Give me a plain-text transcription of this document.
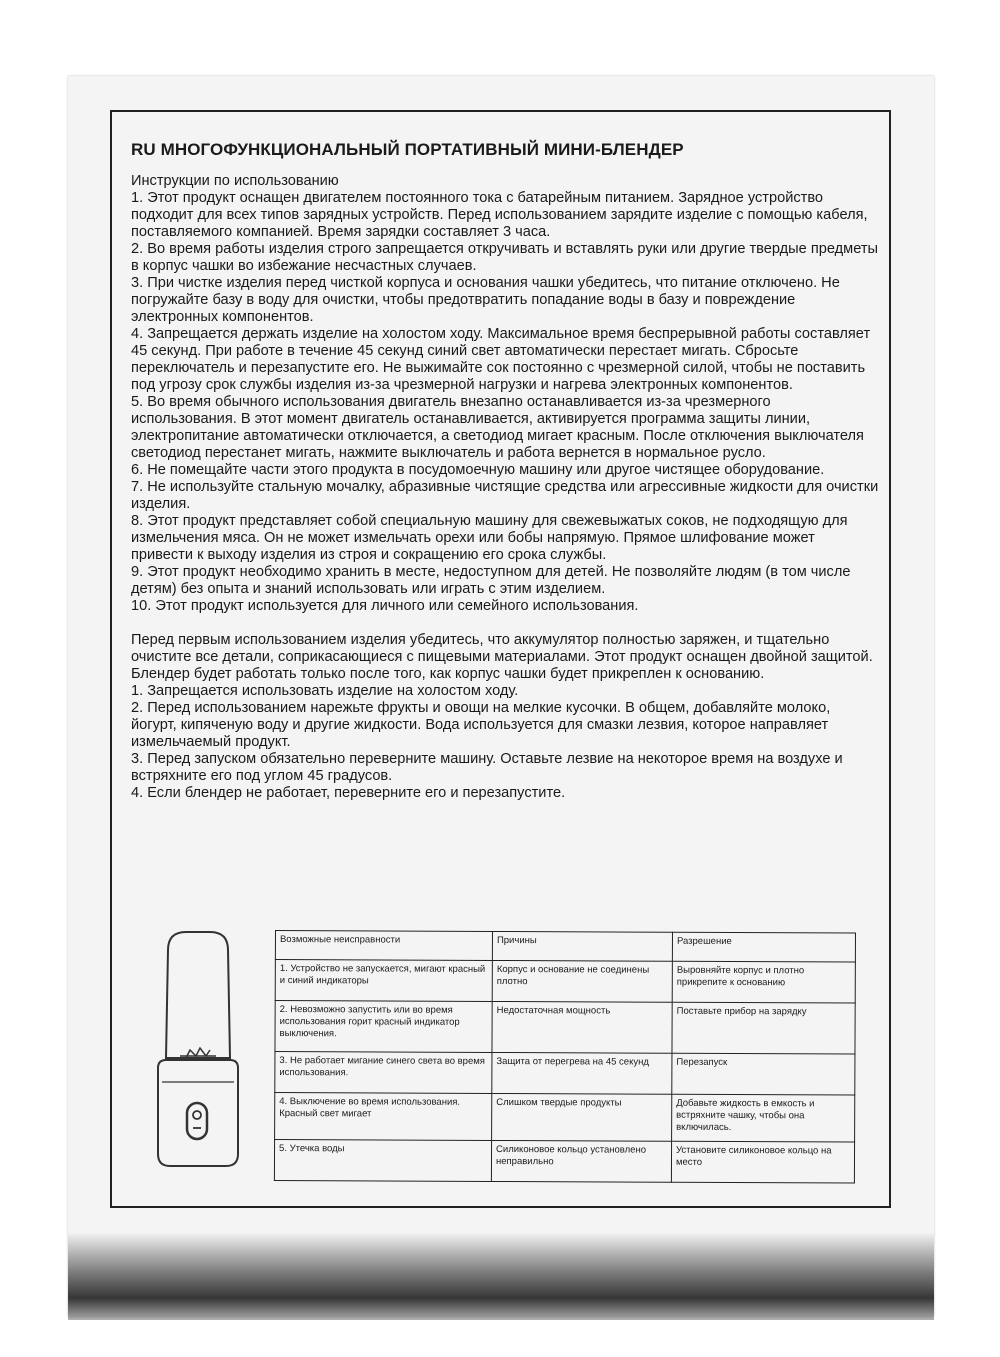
RU МНОГОФУНКЦИОНАЛЬНЫЙ ПОРТАТИВНЫЙ МИНИ-БЛЕНДЕР

Инструкции по использованию

1. Этот продукт оснащен двигателем постоянного тока с батарейным питанием. Зарядное устройство подходит для всех типов зарядных устройств. Перед использованием зарядите изделие с помощью кабеля, поставляемого компанией. Время зарядки составляет 3 часа.

2. Во время работы изделия строго запрещается откручивать и вставлять руки или другие твердые предметы в корпус чашки во избежание несчастных случаев.

3. При чистке изделия перед чисткой корпуса и основания чашки убедитесь, что питание отключено. Не погружайте базу в воду для очистки, чтобы предотвратить попадание воды в базу и повреждение электронных компонентов.

4. Запрещается держать изделие на холостом ходу. Максимальное время беспрерывной работы составляет 45 секунд. При работе в течение 45 секунд синий свет автоматически перестает мигать. Сбросьте переключатель и перезапустите его. Не выжимайте сок постоянно с чрезмерной силой, чтобы не поставить под угрозу срок службы изделия из-за чрезмерной нагрузки и нагрева электронных компонентов.

5. Во время обычного использования двигатель внезапно останавливается из-за чрезмерного использования. В этот момент двигатель останавливается, активируется программа защиты линии, электропитание автоматически отключается, а светодиод мигает красным. После отключения выключателя светодиод перестанет мигать, нажмите выключатель и работа вернется в нормальное русло.

6. Не помещайте части этого продукта в посудомоечную машину или другое чистящее оборудование.

7. Не используйте стальную мочалку, абразивные чистящие средства или агрессивные жидкости для очистки изделия.

8. Этот продукт представляет собой специальную машину для свежевыжатых соков, не подходящую для измельчения мяса. Он не может измельчать орехи или бобы напрямую. Прямое шлифование может привести к выходу изделия из строя и сокращению его срока службы.

9. Этот продукт необходимо хранить в месте, недоступном для детей. Не позволяйте людям (в том числе детям) без опыта и знаний использовать или играть с этим изделием.

10. Этот продукт используется для личного или семейного использования.

Перед первым использованием изделия убедитесь, что аккумулятор полностью заряжен, и тщательно очистите все детали, соприкасающиеся с пищевыми материалами. Этот продукт оснащен двойной защитой. Блендер будет работать только после того, как корпус чашки будет прикреплен к основанию.

1. Запрещается использовать изделие на холостом ходу.

2. Перед использованием нарежьте фрукты и овощи на мелкие кусочки. В общем, добавляйте молоко, йогурт, кипяченую воду и другие жидкости. Вода используется для смазки лезвия, которое направляет измельчаемый продукт.

3. Перед запуском обязательно переверните машину. Оставьте лезвие на некоторое время на воздухе и встряхните его под углом 45 градусов.

4. Если блендер не работает, переверните его и перезапустите.

Возможные неисправности	Причины	Разрешение
1. Устройство не запускается, мигают красный и синий индикаторы	Корпус и основание не соединены плотно	Выровняйте корпус и плотно прикрепите к основанию
2. Невозможно запустить или во время использования горит красный индикатор выключения.	Недостаточная мощность	Поставьте прибор на зарядку
3. Не работает мигание синего света во время использования.	Защита от перегрева на 45 секунд	Перезапуск
4. Выключение во время использования. Красный свет мигает	Слишком твердые продукты	Добавьте жидкость в емкость и встряхните чашку, чтобы она включилась.
5. Утечка воды	Силиконовое кольцо установлено неправильно	Установите силиконовое кольцо на место
